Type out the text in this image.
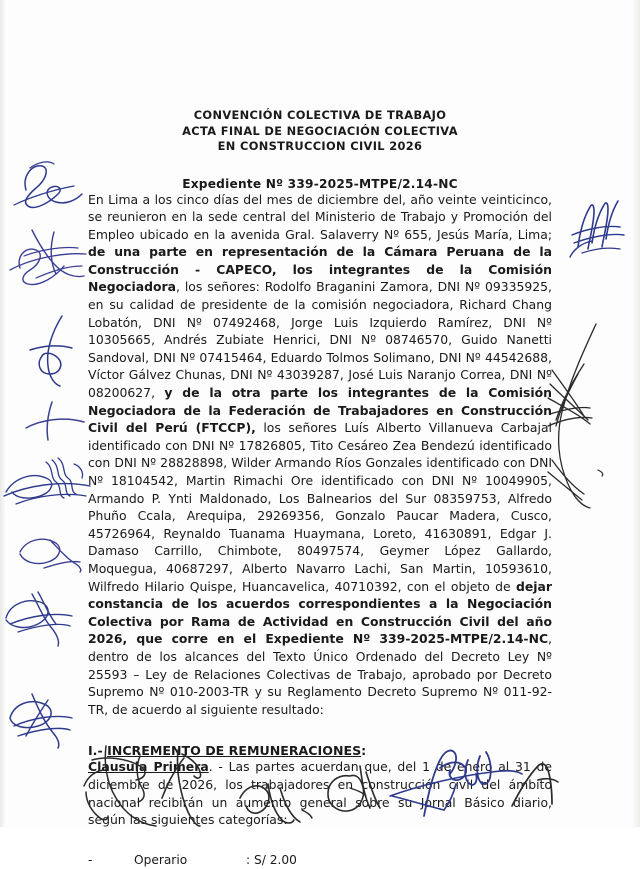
CONVENCIÓN COLECTIVA DE TRABAJO
ACTA FINAL DE NEGOCIACIÓN COLECTIVA
EN CONSTRUCCION CIVIL 2026
Expediente Nº 339-2025-MTPE/2.14-NC

En Lima a los cinco días del mes de diciembre del, año veinte veinticinco, se reunieron en la sede central del Ministerio de Trabajo y Promoción del Empleo ubicado en la avenida Gral. Salaverry Nº 655, Jesús María, Lima; de una parte en representación de la Cámara Peruana de la Construcción - CAPECO, los integrantes de la Comisión Negociadora, los señores: Rodolfo Braganini Zamora, DNI Nº 09335925, en su calidad de presidente de la comisión negociadora, Richard Chang Lobatón, DNI Nº 07492468, Jorge Luis Izquierdo Ramírez, DNI Nº 10305665, Andrés Zubiate Henrici, DNI Nº 08746570, Guido Nanetti Sandoval, DNI Nº 07415464, Eduardo Tolmos Solimano, DNI Nº 44542688, Víctor Gálvez Chunas, DNI Nº 43039287, José Luis Naranjo Correa, DNI Nº 08200627, y de la otra parte los integrantes de la Comisión Negociadora de la Federación de Trabajadores en Construcción Civil del Perú (FTCCP), los señores Luís Alberto Villanueva Carbajal identificado con DNI Nº 17826805, Tito Cesáreo Zea Bendezú identificado con DNI Nº 28828898, Wilder Armando Ríos Gonzales identificado con DNI Nº 18104542, Martin Rimachi Ore identificado con DNI Nº 10049905, Armando P. Ynti Maldonado, Los Balnearios del Sur 08359753, Alfredo Phuño Ccala, Arequipa, 29269356, Gonzalo Paucar Madera, Cusco, 45726964, Reynaldo Tuanama Huaymana, Loreto, 41630891, Edgar J. Damaso Carrillo, Chimbote, 80497574, Geymer López Gallardo, Moquegua, 40687297, Alberto Navarro Lachi, San Martin, 10593610, Wilfredo Hilario Quispe, Huancavelica, 40710392, con el objeto de dejar constancia de los acuerdos correspondientes a la Negociación Colectiva por Rama de Actividad en Construcción Civil del año 2026, que corre en el Expediente Nº 339-2025-MTPE/2.14-NC, dentro de los alcances del Texto Único Ordenado del Decreto Ley Nº 25593 – Ley de Relaciones Colectivas de Trabajo, aprobado por Decreto Supremo Nº 010-2003-TR y su Reglamento Decreto Supremo Nº 011-92-TR, de acuerdo al siguiente resultado:

I.- INCREMENTO DE REMUNERACIONES:

Clausula Primera. - Las partes acuerdan que, del 1 de enero al 31 de diciembre de 2026, los trabajadores en construcción civil del ámbito nacional recibirán un aumento general sobre su Jornal Básico diario, según las siguientes categorías:

-	Operario	: S/ 2.00
